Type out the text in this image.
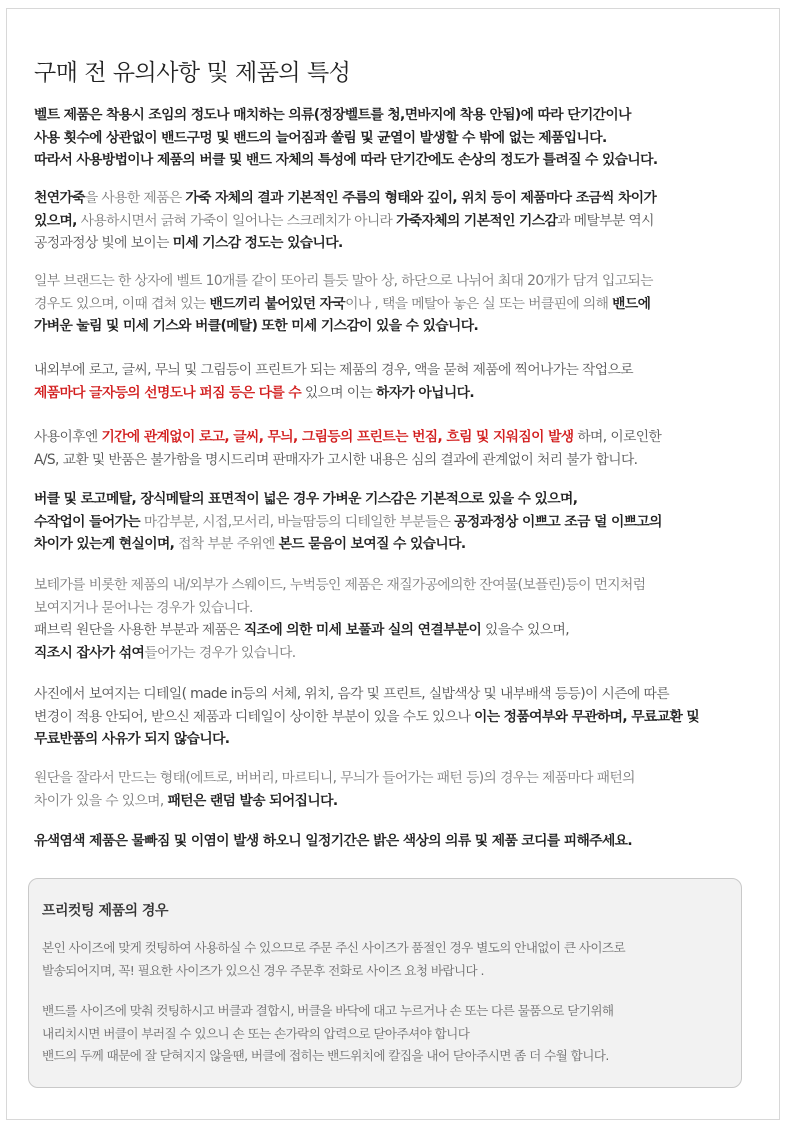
구매 전 유의사항 및 제품의 특성
벨트 제품은 착용시 조임의 정도나 매치하는 의류(정장벨트를 청,면바지에 착용 안됨)에 따라 단기간이나
사용 횟수에 상관없이 밴드구멍 및 밴드의 늘어짐과 쏠림 및 균열이 발생할 수 밖에 없는 제품입니다.
따라서 사용방법이나 제품의 버클 및 밴드 자체의 특성에 따라 단기간에도 손상의 정도가 틀려질 수 있습니다.
천연가죽을 사용한 제품은 가죽 자체의 결과 기본적인 주름의 형태와 깊이, 위치 등이 제품마다 조금씩 차이가
있으며, 사용하시면서 긁혀 가죽이 일어나는 스크레치가 아니라 가죽자체의 기본적인 기스감과 메탈부분 역시
공정과정상 빛에 보이는 미세 기스감 정도는 있습니다.
일부 브랜드는 한 상자에 벨트 10개를 같이 또아리 틀듯 말아 상, 하단으로 나뉘어 최대 20개가 담겨 입고되는
경우도 있으며, 이때 겹쳐 있는 밴드끼리 붙어있던 자국이나 , 택을 메탈아 놓은 실 또는 버클핀에 의해 밴드에
가벼운 눌림 및 미세 기스와 버클(메탈) 또한 미세 기스감이 있을 수 있습니다.
내외부에 로고, 글씨, 무늬 및 그림등이 프린트가 되는 제품의 경우, 액을 묻혀 제품에 찍어나가는 작업으로
제품마다 글자등의 선명도나 퍼짐 등은 다를 수 있으며 이는 하자가 아닙니다.
사용이후엔 기간에 관계없이 로고, 글씨, 무늬, 그림등의 프린트는 번짐, 흐림 및 지워짐이 발생 하며, 이로인한
A/S, 교환 및 반품은 불가함을 명시드리며 판매자가 고시한 내용은 심의 결과에 관계없이 처리 불가 합니다.
버클 및 로고메탈, 장식메탈의 표면적이 넓은 경우 가벼운 기스감은 기본적으로 있을 수 있으며,
수작업이 들어가는 마감부분, 시접,모서리, 바늘땀등의 디테일한 부분들은 공정과정상 이쁘고 조금 덜 이쁘고의
차이가 있는게 현실이며, 접착 부분 주위엔 본드 묻음이 보여질 수 있습니다.
보테가를 비롯한 제품의 내/외부가 스웨이드, 누벅등인 제품은 재질가공에의한 잔여물(보플린)등이 먼지처럼
보여지거나 묻어나는 경우가 있습니다.
패브릭 원단을 사용한 부분과 제품은 직조에 의한 미세 보풀과 실의 연결부분이 있을수 있으며,
직조시 잡사가 섞여들어가는 경우가 있습니다.
사진에서 보여지는 디테일( made in등의 서체, 위치, 음각 및 프린트, 실밥색상 및 내부배색 등등)이 시즌에 따른
변경이 적용 안되어, 받으신 제품과 디테일이 상이한 부분이 있을 수도 있으나 이는 정품여부와 무관하며, 무료교환 및
무료반품의 사유가 되지 않습니다.
원단을 잘라서 만드는 형태(에트로, 버버리, 마르티니, 무늬가 들어가는 패턴 등)의 경우는 제품마다 패턴의
차이가 있을 수 있으며, 패턴은 랜덤 발송 되어집니다.
유색염색 제품은 물빠짐 및 이염이 발생 하오니 일정기간은 밝은 색상의 의류 및 제품 코디를 피해주세요.
프리컷팅 제품의 경우
본인 사이즈에 맞게 컷팅하여 사용하실 수 있으므로 주문 주신 사이즈가 품절인 경우 별도의 안내없이 큰 사이즈로
발송되어지며, 꼭! 필요한 사이즈가 있으신 경우 주문후 전화로 사이즈 요청 바랍니다 .
밴드를 사이즈에 맞춰 컷팅하시고 버클과 결합시, 버클을 바닥에 대고 누르거나 손 또는 다른 물품으로 닫기위해
내리치시면 버클이 부러질 수 있으니 손 또는 손가락의 압력으로 닫아주셔야 합니다
밴드의 두께 때문에 잘 닫혀지지 않을땐, 버클에 접히는 밴드위치에 칼집을 내어 닫아주시면 좀 더 수월 합니다.
